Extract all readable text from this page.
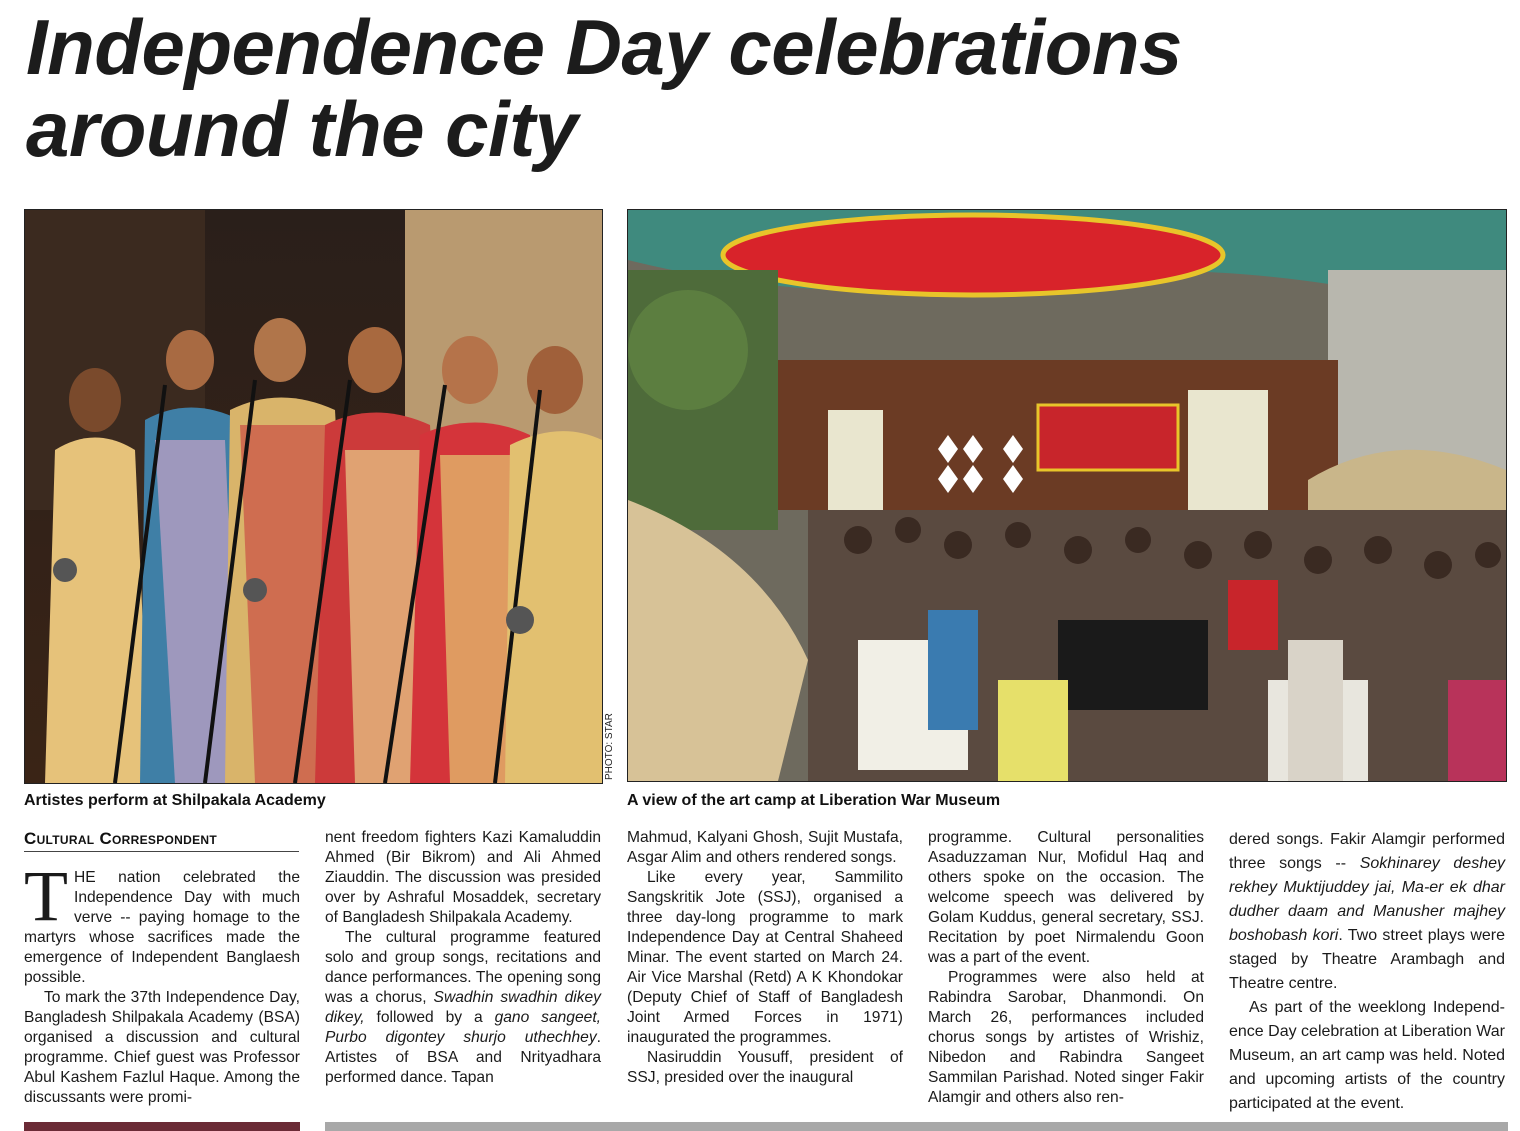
Independence Day celebrations
around the city
PHOTO: STAR
Artistes perform at Shilpakala Academy	A view of the art camp at Liberation War Museum
Cultural Correspondent

THE nation celebrated the Independence Day with much verve -- paying homage to the martyrs whose sacrifices made the emergence of Independent Banglaesh possible.

To mark the 37th Independence Day, Bangladesh Shilpakala Academy (BSA) organised a discussion and cultural programme. Chief guest was Professor Abul Kashem Fazlul Haque. Among the discussants were promi-

nent freedom fighters Kazi Kamaluddin Ahmed (Bir Bikrom) and Ali Ahmed Ziauddin. The discussion was presided over by Ashraful Mosaddek, secretary of Bangladesh Shilpakala Academy.

The cultural programme featured solo and group songs, recitations and dance performances. The opening song was a chorus, Swadhin swadhin dikey dikey, followed by a gano sangeet, Purbo digontey shurjo uthechhey. Artistes of BSA and Nrityadhara performed dance. Tapan

Mahmud, Kalyani Ghosh, Sujit Mustafa, Asgar Alim and others rendered songs.

Like every year, Sammilito Sangskritik Jote (SSJ), organised a three day-long programme to mark Independence Day at Central Shaheed Minar. The event started on March 24. Air Vice Marshal (Retd) A K Khondokar (Deputy Chief of Staff of Bangladesh Joint Armed Forces in 1971) inaugurated the programmes.

Nasiruddin Yousuff, president of SSJ, presided over the inaugural

programme. Cultural personalities Asaduzzaman Nur, Mofidul Haq and others spoke on the occasion. The welcome speech was delivered by Golam Kuddus, general secretary, SSJ. Recitation by poet Nirmalendu Goon was a part of the event.

Programmes were also held at Rabindra Sarobar, Dhanmondi. On March 26, performances included chorus songs by artistes of Wrishiz, Nibedon and Rabindra Sangeet Sammilan Parishad. Noted singer Fakir Alamgir and others also ren-

dered songs. Fakir Alamgir performed three songs -- Sokhinarey deshey rekhey Muktijuddey jai, Ma-er ek dhar dudher daam and Manusher majhey boshobash kori. Two street plays were staged by Theatre Arambagh and Theatre centre.

As part of the weeklong Independence Day celebration at Liberation War Museum, an art camp was held. Noted and upcoming artists of the country participated at the event.
